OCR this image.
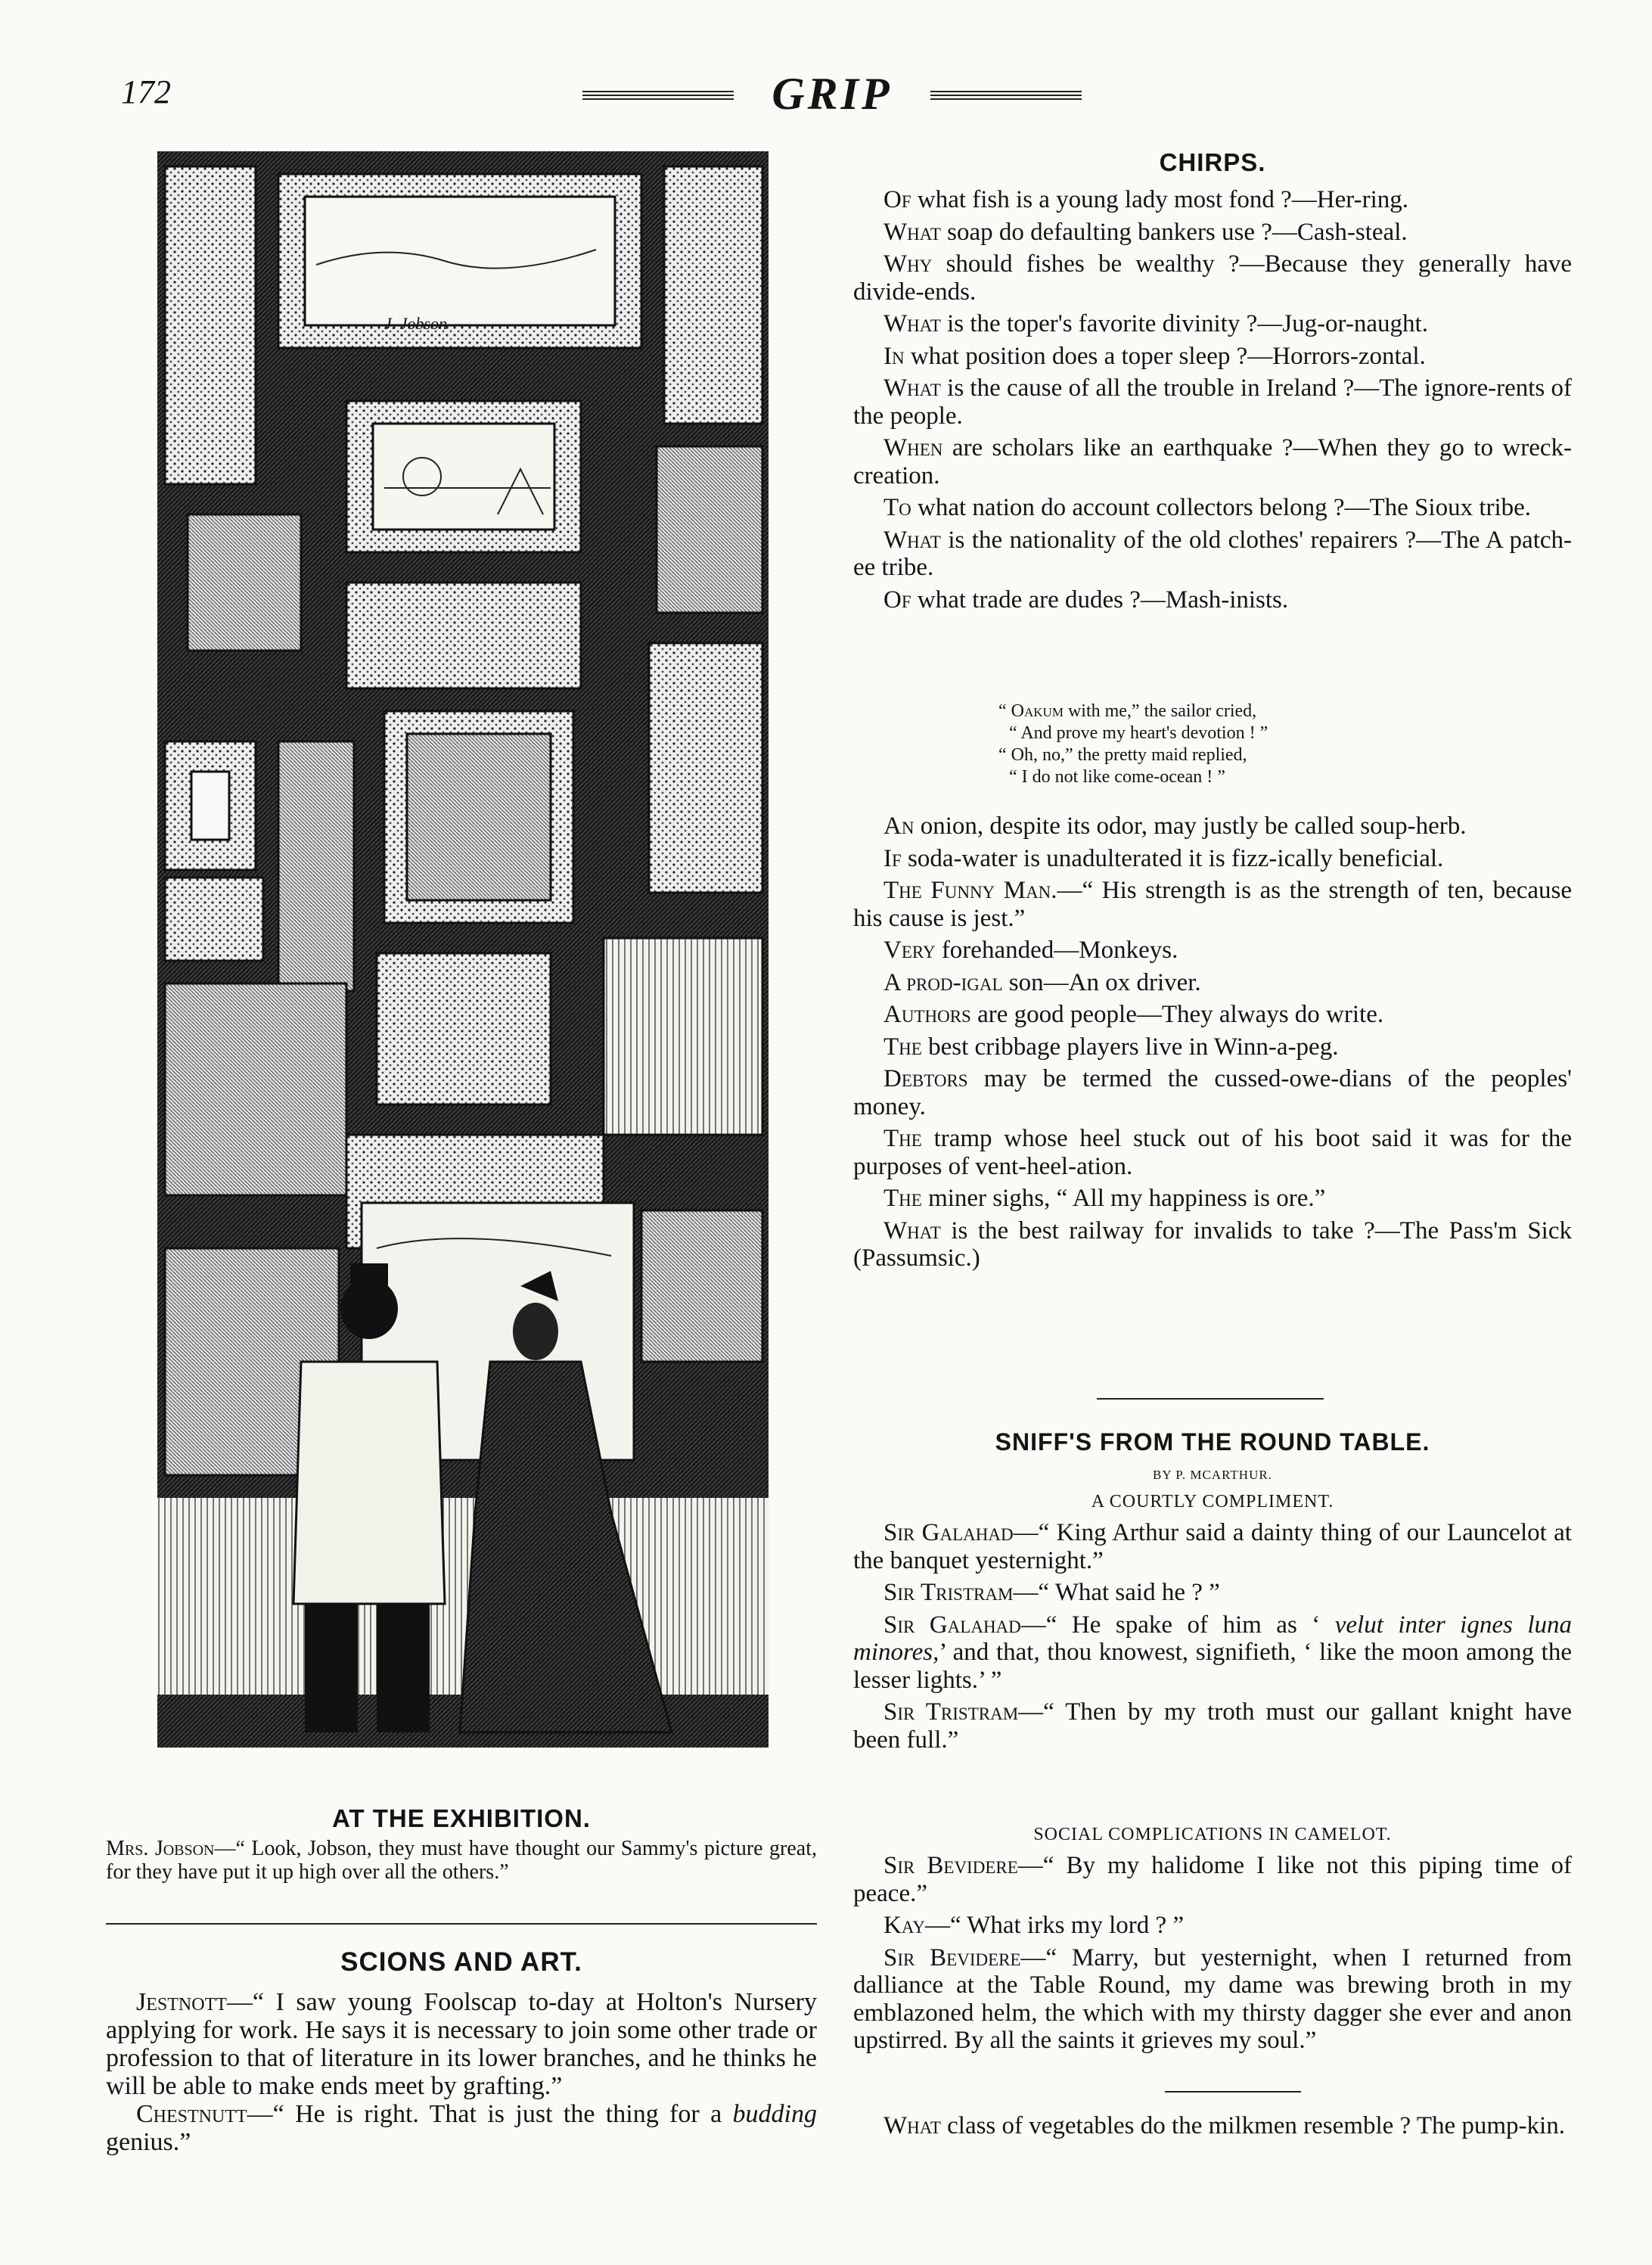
172	GRIP
J. Jobson
AT THE EXHIBITION.
Mrs. Jobson—“ Look, Jobson, they must have thought our Sammy's picture great, for they have put it up high over all the others.”
SCIONS AND ART.

Jestnott—“ I saw young Foolscap to-day at Holton's Nursery applying for work. He says it is necessary to join some other trade or profession to that of literature in its lower branches, and he thinks he will be able to make ends meet by grafting.”

Chestnutt—“ He is right. That is just the thing for a budding genius.”

CHIRPS.

Of what fish is a young lady most fond ?—Her-ring.

What soap do defaulting bankers use ?—Cash-steal.

Why should fishes be wealthy ?—Because they generally have divide-ends.

What is the toper's favorite divinity ?—Jug-or-naught.

In what position does a toper sleep ?—Horrors-zontal.

What is the cause of all the trouble in Ireland ?—The ignore-rents of the people.

When are scholars like an earthquake ?—When they go to wreck-creation.

To what nation do account collectors belong ?—The Sioux tribe.

What is the nationality of the old clothes' repairers ?—The A patch-ee tribe.

Of what trade are dudes ?—Mash-inists.

“ Oakum with me,” the sailor cried,
“ And prove my heart's devotion ! ”
“ Oh, no,” the pretty maid replied,
“ I do not like come-ocean ! ”

An onion, despite its odor, may justly be called soup-herb.

If soda-water is unadulterated it is fizz-ically beneficial.

The Funny Man.—“ His strength is as the strength of ten, because his cause is jest.”

Very forehanded—Monkeys.

A prod-igal son—An ox driver.

Authors are good people—They always do write.

The best cribbage players live in Winn-a-peg.

Debtors may be termed the cussed-owe-dians of the peoples' money.

The tramp whose heel stuck out of his boot said it was for the purposes of vent-heel-ation.

The miner sighs, “ All my happiness is ore.”

What is the best railway for invalids to take ?—The Pass'm Sick (Passumsic.)

SNIFF'S FROM THE ROUND TABLE.
BY P. MCARTHUR.
A COURTLY COMPLIMENT.

Sir Galahad—“ King Arthur said a dainty thing of our Launcelot at the banquet yesternight.”

Sir Tristram—“ What said he ? ”

Sir Galahad—“ He spake of him as ‘ velut inter ignes luna minores,’ and that, thou knowest, signifieth, ‘ like the moon among the lesser lights.’ ”

Sir Tristram—“ Then by my troth must our gallant knight have been full.”

SOCIAL COMPLICATIONS IN CAMELOT.

Sir Bevidere—“ By my halidome I like not this piping time of peace.”

Kay—“ What irks my lord ? ”

Sir Bevidere—“ Marry, but yesternight, when I returned from dalliance at the Table Round, my dame was brewing broth in my emblazoned helm, the which with my thirsty dagger she ever and anon upstirred. By all the saints it grieves my soul.”

What class of vegetables do the milkmen resemble ? The pump-kin.
